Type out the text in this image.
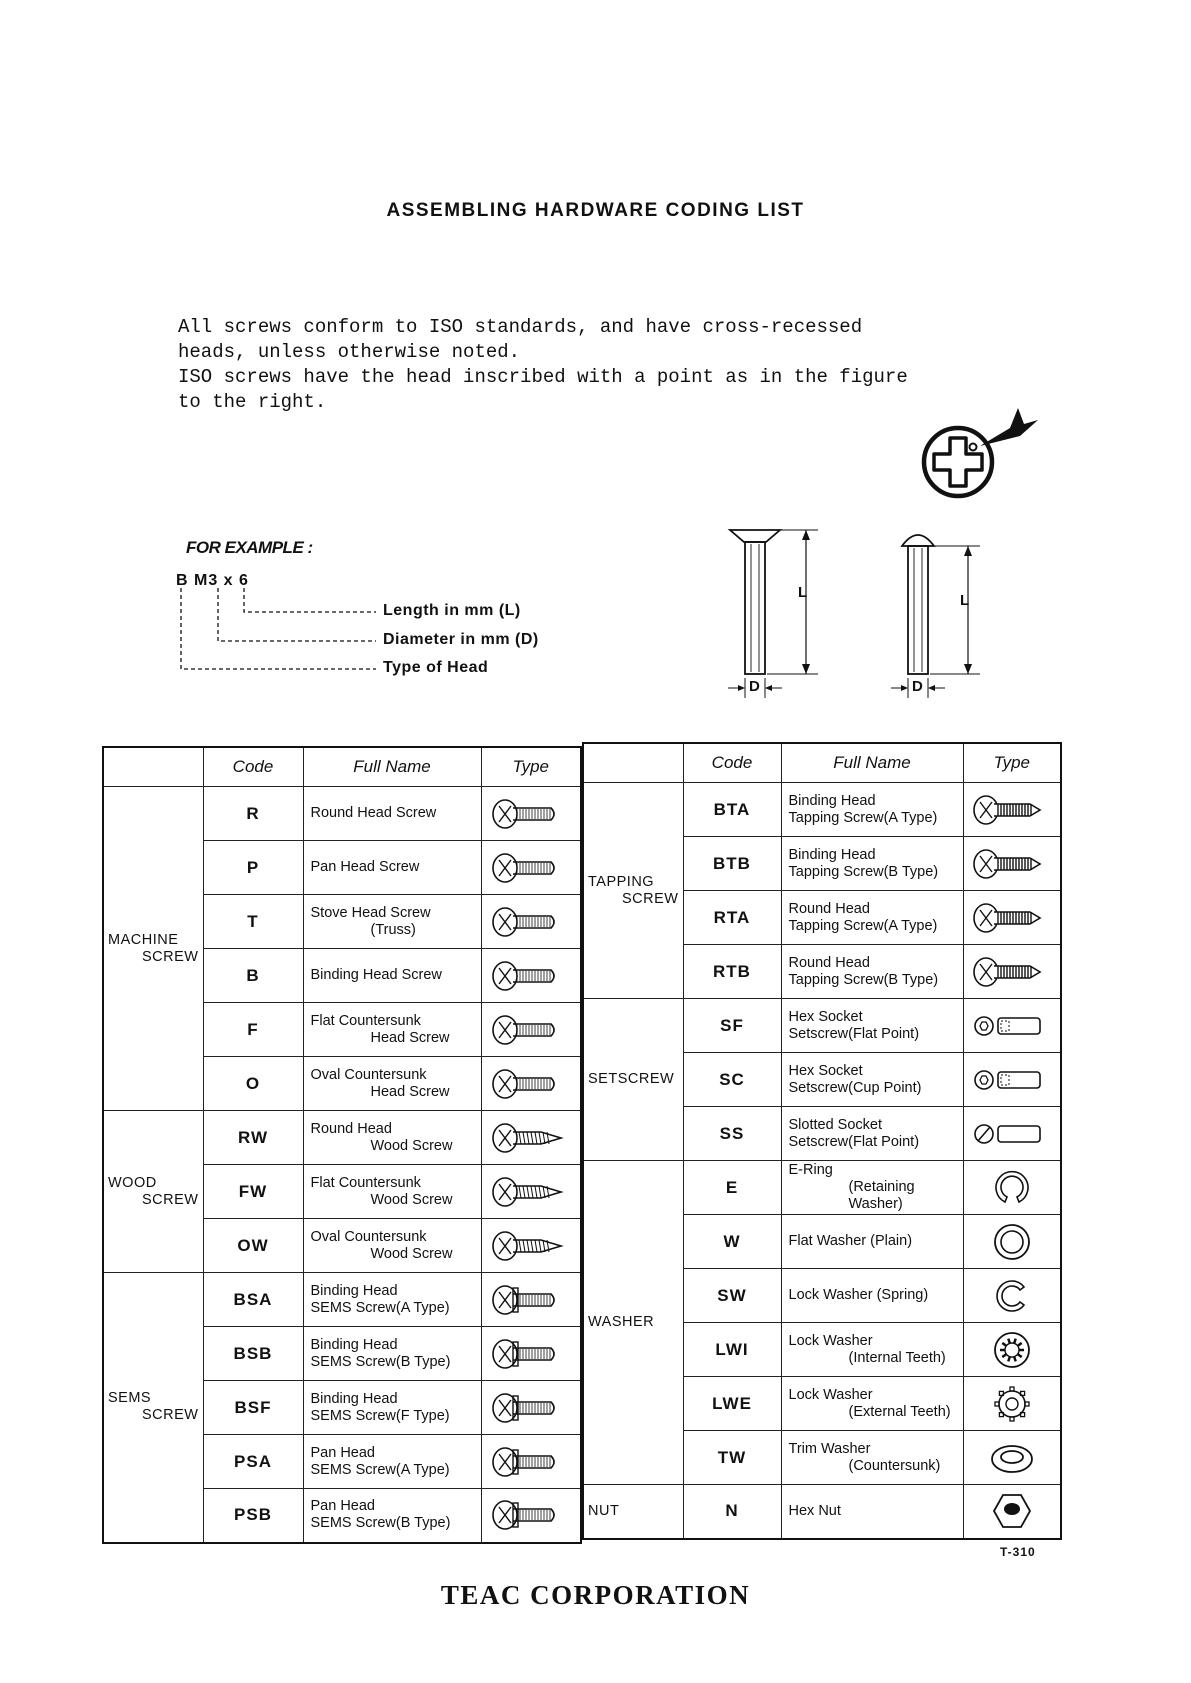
ASSEMBLING HARDWARE CODING LIST
All screws conform to ISO standards, and have cross-recessed
heads, unless otherwise noted.
ISO screws have the head inscribed with a point as in the figure
to the right.
FOR EXAMPLE :
B M3 x 6
Length in mm (L)
Diameter in mm (D)
Type of Head
L	L
D	D
	Code	Full Name	Type

MACHINE
SCREW	R	Round Head Screw

	P	Pan Head Screw

	T	Stove Head Screw
(Truss)

	B	Binding Head Screw

	F	Flat Countersunk
Head Screw

	O	Oval Countersunk
Head Screw

WOOD
SCREW	RW	Round Head
Wood Screw

	FW	Flat Countersunk
Wood Screw

	OW	Oval Countersunk
Wood Screw

SEMS
SCREW	BSA	Binding Head
SEMS Screw(A Type)

	BSB	Binding Head
SEMS Screw(B Type)

	BSF	Binding Head
SEMS Screw(F Type)

	PSA	Pan Head
SEMS Screw(A Type)

	PSB	Pan Head
SEMS Screw(B Type)

	Code	Full Name	Type

TAPPING
SCREW	BTA	Binding Head
Tapping Screw(A Type)

	BTB	Binding Head
Tapping Screw(B Type)

	RTA	Round Head
Tapping Screw(A Type)

	RTB	Round Head
Tapping Screw(B Type)

SETSCREW	SF	Hex Socket
Setscrew(Flat Point)

	SC	Hex Socket
Setscrew(Cup Point)

	SS	Slotted Socket
Setscrew(Flat Point)

WASHER	E	E-Ring
(Retaining Washer)

	W	Flat Washer (Plain)

	SW	Lock Washer (Spring)

	LWI	Lock Washer
(Internal Teeth)

	LWE	Lock Washer
(External Teeth)

	TW	Trim Washer
(Countersunk)

NUT	N	Hex Nut

T-310
TEAC CORPORATION
